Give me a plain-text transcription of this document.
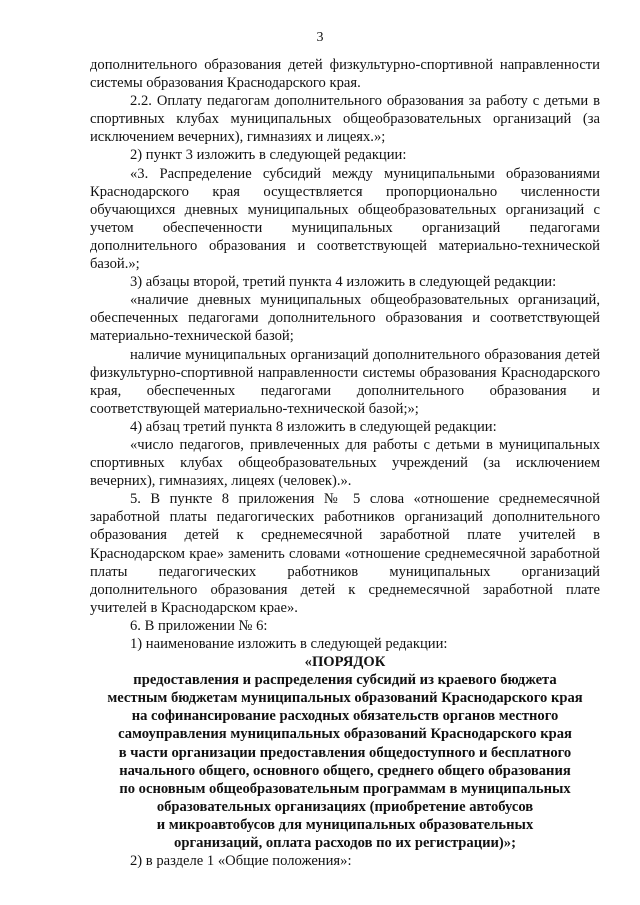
3

дополнительного образования детей физкультурно-спортивной направленности системы образования Краснодарского края.

2.2. Оплату педагогам дополнительного образования за работу с детьми в спортивных клубах муниципальных общеобразовательных организаций (за исключением вечерних), гимназиях и лицеях.»;

2) пункт 3 изложить в следующей редакции:

«3. Распределение субсидий между муниципальными образованиями Краснодарского края осуществляется пропорционально численности обучающихся дневных муниципальных общеобразовательных организаций с учетом обеспеченности муниципальных организаций педагогами дополнительного образования и соответствующей материально-технической базой.»;

3) абзацы второй, третий пункта 4 изложить в следующей редакции:

«наличие дневных муниципальных общеобразовательных организаций, обеспеченных педагогами дополнительного образования и соответствующей материально-технической базой;

наличие муниципальных организаций дополнительного образования детей физкультурно-спортивной направленности системы образования Краснодарского края, обеспеченных педагогами дополнительного образования и соответствующей материально-технической базой;»;

4) абзац третий пункта 8 изложить в следующей редакции:

«число педагогов, привлеченных для работы с детьми в муниципальных спортивных клубах общеобразовательных учреждений (за исключением вечерних), гимназиях, лицеях (человек).».

5. В пункте 8 приложения № 5 слова «отношение среднемесячной заработной платы педагогических работников организаций дополнительного образования детей к среднемесячной заработной плате учителей в Краснодарском крае» заменить словами «отношение среднемесячной заработной платы педагогических работников муниципальных организаций дополнительного образования детей к среднемесячной заработной плате учителей в Краснодарском крае».

6. В приложении № 6:

1) наименование изложить в следующей редакции:

«ПОРЯДОК
предоставления и распределения субсидий из краевого бюджета
местным бюджетам муниципальных образований Краснодарского края
на софинансирование расходных обязательств органов местного
самоуправления муниципальных образований Краснодарского края
в части организации предоставления общедоступного и бесплатного
начального общего, основного общего, среднего общего образования
по основным общеобразовательным программам в муниципальных
образовательных организациях (приобретение автобусов
и микроавтобусов для муниципальных образовательных
организаций, оплата расходов по их регистрации)»;

2) в разделе 1 «Общие положения»:
